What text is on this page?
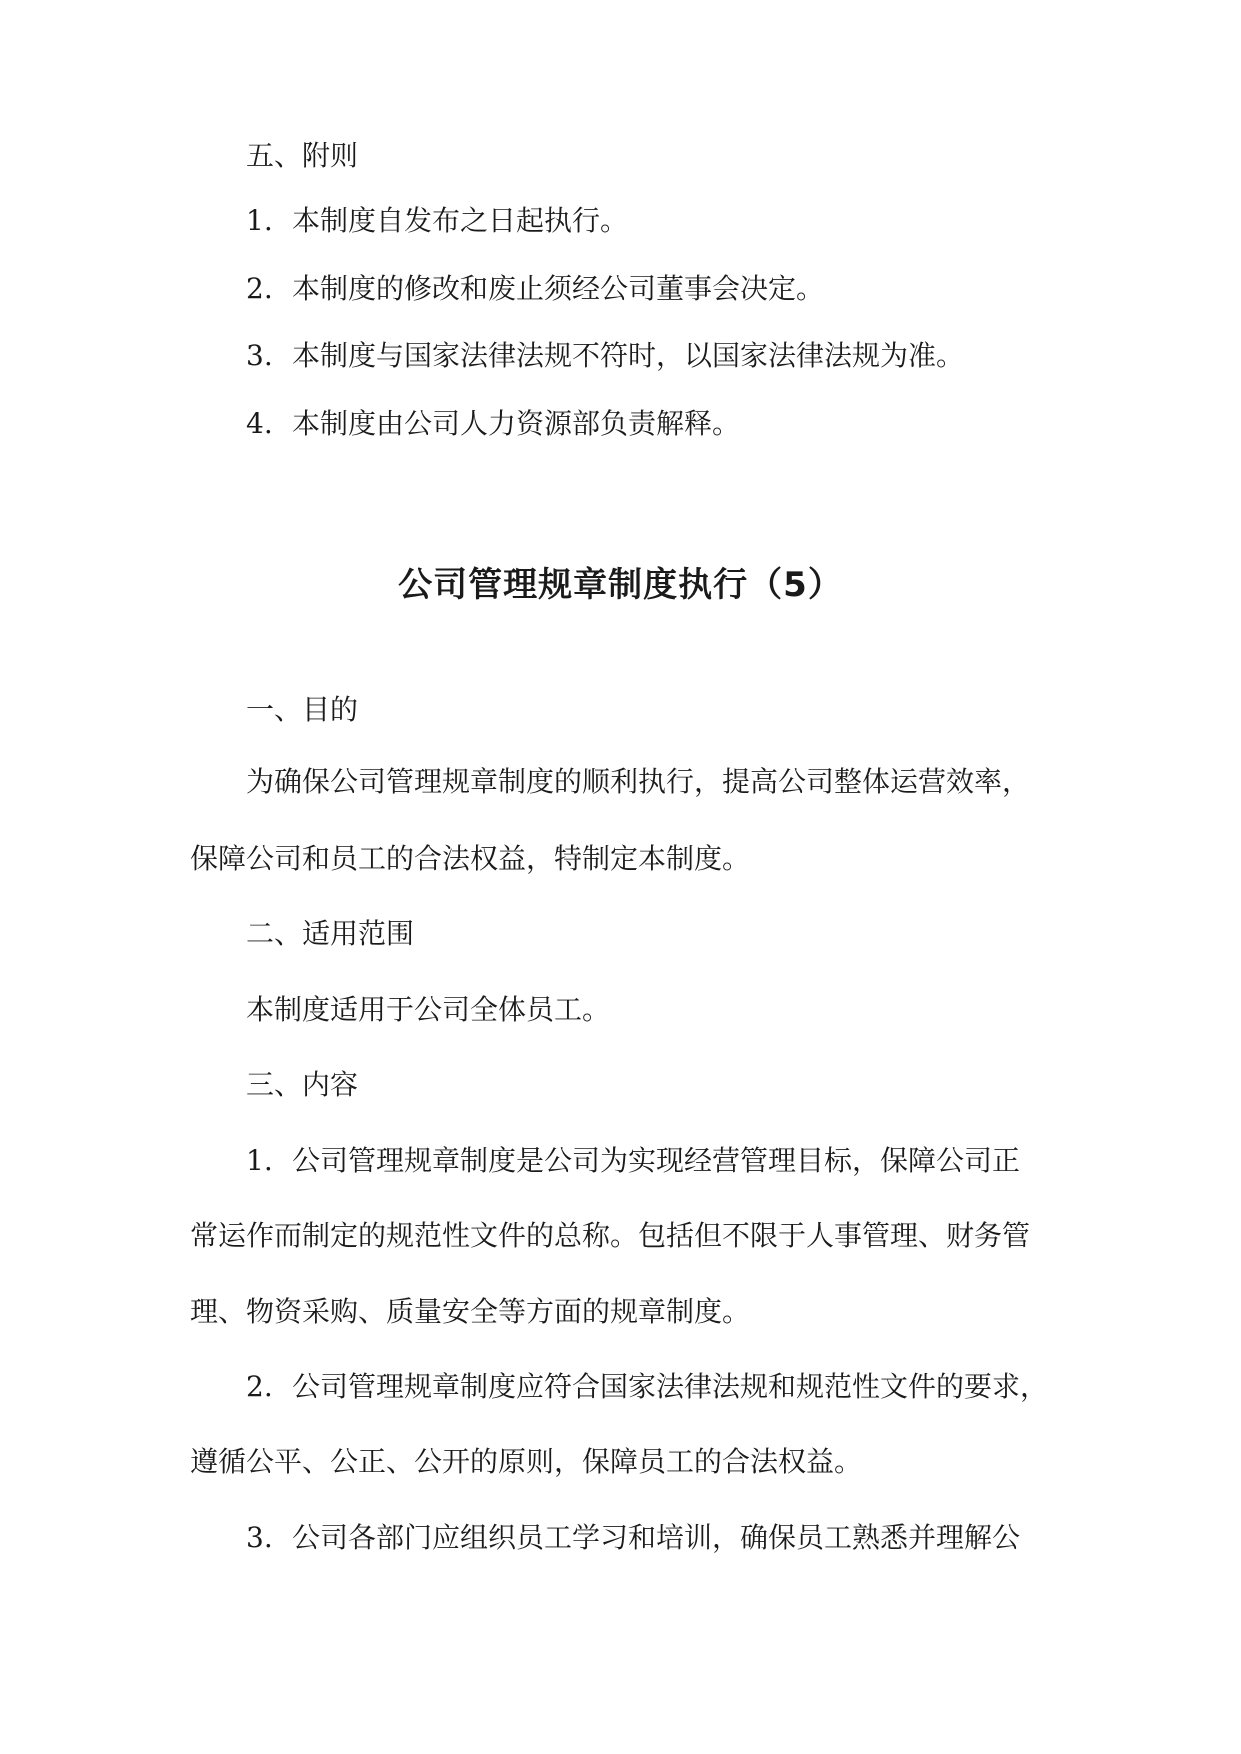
五、附则
1. 本制度自发布之日起执行。
2. 本制度的修改和废止须经公司董事会决定。
3. 本制度与国家法律法规不符时，以国家法律法规为准。
4. 本制度由公司人力资源部负责解释。
公司管理规章制度执行（5）
一、目的
为确保公司管理规章制度的顺利执行，提高公司整体运营效率，
保障公司和员工的合法权益，特制定本制度。
二、适用范围
本制度适用于公司全体员工。
三、内容
1. 公司管理规章制度是公司为实现经营管理目标，保障公司正
常运作而制定的规范性文件的总称。包括但不限于人事管理、财务管
理、物资采购、质量安全等方面的规章制度。
2. 公司管理规章制度应符合国家法律法规和规范性文件的要求，
遵循公平、公正、公开的原则，保障员工的合法权益。
3. 公司各部门应组织员工学习和培训，确保员工熟悉并理解公
